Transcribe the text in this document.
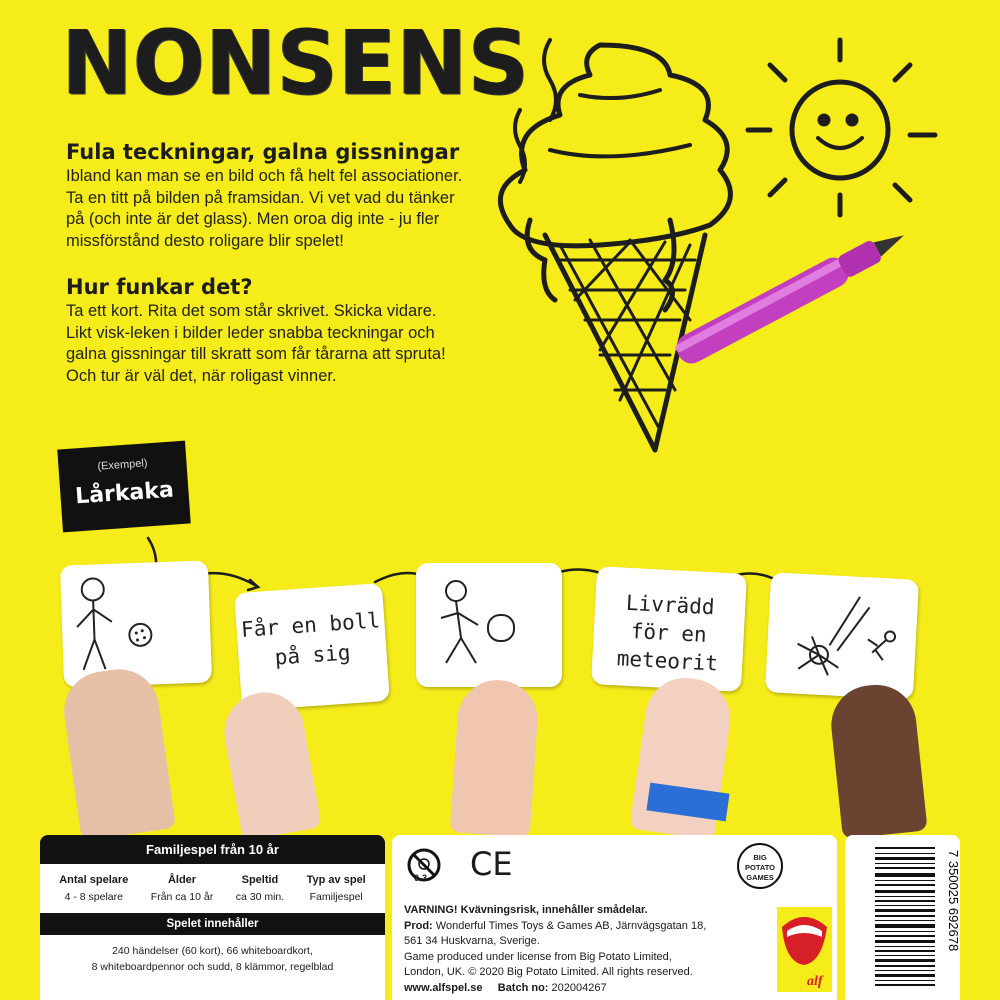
NONSENS
Fula teckningar, galna gissningar

Ibland kan man se en bild och få helt fel associationer.
Ta en titt på bilden på framsidan. Vi vet vad du tänker
på (och inte är det glass). Men oroa dig inte - ju fler
missförstånd desto roligare blir spelet!

Hur funkar det?

Ta ett kort. Rita det som står skrivet. Skicka vidare.
Likt visk-leken i bilder leder snabba teckningar och
galna gissningar till skratt som får tårarna att spruta!
Och tur är väl det, när roligast vinner.

(Exempel)
Lårkaka
Får en boll
på sig
Livrädd
för en
meteorit
Familjespel från 10 år
Antal spelare
4 - 8 spelare
Ålder
Från ca 10 år
Speltid
ca 30 min.
Typ av spel
Familjespel
Spelet innehåller
240 händelser (60 kort), 66 whiteboardkort,
8 whiteboardpennor och sudd, 8 klämmor, regelblad
0-3 CE	BIG
POTATO
GAMES
alf
VARNING! Kvävningsrisk, innehåller smådelar.
Prod: Wonderful Times Toys & Games AB, Järnvägsgatan 18,
561 34 Huskvarna, Sverige.
Game produced under license from Big Potato Limited,
London, UK. © 2020 Big Potato Limited. All rights reserved.
www.alfspel.se Batch no: 202004267
7 350025 692678
